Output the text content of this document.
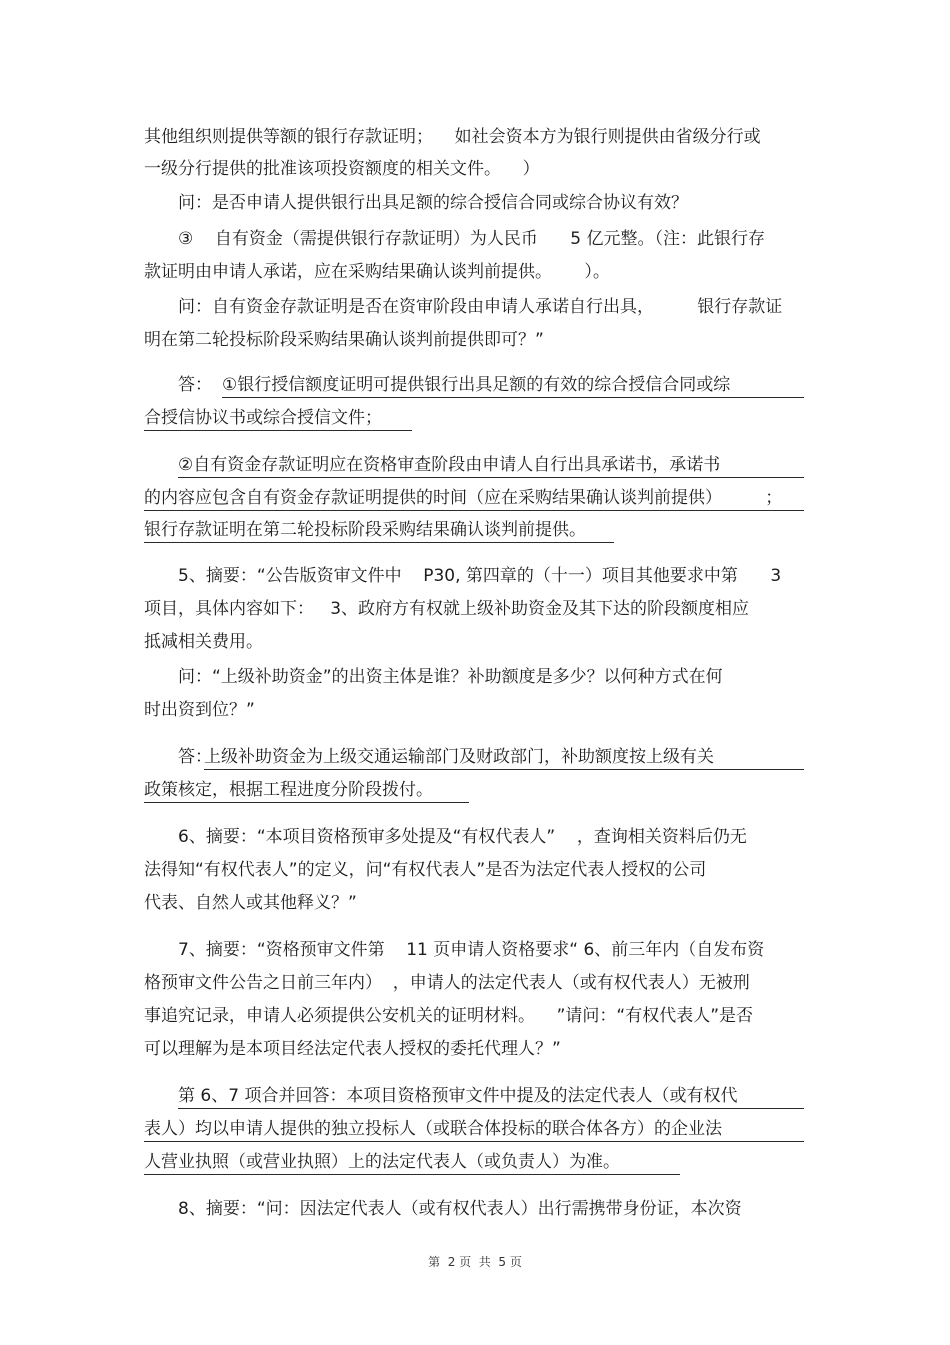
其他组织则提供等额的银行存款证明；    如社会资本方为银行则提供由省级分行或
一级分行提供的批准该项投资额度的相关文件。    ）
问：是否申请人提供银行出具足额的综合授信合同或综合协议有效？
③    自有资金（需提供银行存款证明）为人民币      5 亿元整。（注：此银行存
款证明由申请人承诺，应在采购结果确认谈判前提供。      ）。
问：自有资金存款证明是否在资审阶段由申请人承诺自行出具，        银行存款证
明在第二轮投标阶段采购结果确认谈判前提供即可？”
答： ①银行授信额度证明可提供银行出具足额的有效的综合授信合同或综
合授信协议书或综合授信文件；
②自有资金存款证明应在资格审查阶段由申请人自行出具承诺书，承诺书
的内容应包含自有资金存款证明提供的时间（应在采购结果确认谈判前提供）        ；
银行存款证明在第二轮投标阶段采购结果确认谈判前提供。
5、摘要：“公告版资审文件中    P30, 第四章的（十一）项目其他要求中第      3
项目，具体内容如下：   3、政府方有权就上级补助资金及其下达的阶段额度相应
抵减相关费用。
问：“上级补助资金”的出资主体是谁？补助额度是多少？以何种方式在何
时出资到位？”
答：
上级补助资金为上级交通运输部门及财政部门，补助额度按上级有关
政策核定，根据工程进度分阶段拨付。
6、摘要：“本项目资格预审多处提及“有权代表人”    ，查询相关资料后仍无
法得知“有权代表人”的定义，问“有权代表人”是否为法定代表人授权的公司
代表、自然人或其他释义？”
7、摘要：“资格预审文件第    11 页申请人资格要求“ 6、前三年内（自发布资
格预审文件公告之日前三年内）  ，申请人的法定代表人（或有权代表人）无被刑
事追究记录，申请人必须提供公安机关的证明材料。    ”请问：“有权代表人”是否
可以理解为是本项目经法定代表人授权的委托代理人？”
第 6、7 项合并回答：本项目资格预审文件中提及的法定代表人（或有权代
表人）均以申请人提供的独立投标人（或联合体投标的联合体各方）的企业法
人营业执照（或营业执照）上的法定代表人（或负责人）为准。
8、摘要：“问：因法定代表人（或有权代表人）出行需携带身份证，本次资
第  2 页  共  5 页
